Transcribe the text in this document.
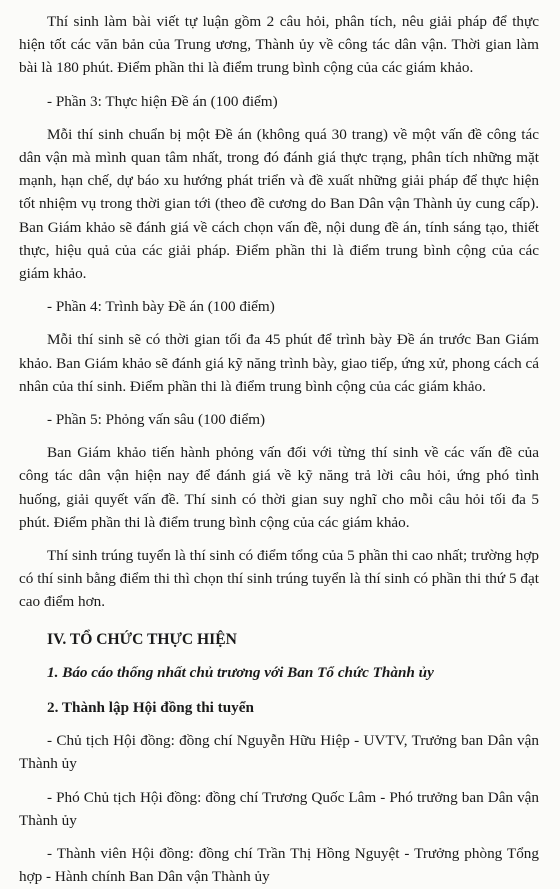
Thí sinh làm bài viết tự luận gồm 2 câu hỏi, phân tích, nêu giải pháp để thực hiện tốt các văn bản của Trung ương, Thành ủy về công tác dân vận. Thời gian làm bài là 180 phút. Điểm phần thi là điểm trung bình cộng của các giám khảo.

- Phần 3: Thực hiện Đề án (100 điểm)

Mỗi thí sinh chuẩn bị một Đề án (không quá 30 trang) về một vấn đề công tác dân vận mà mình quan tâm nhất, trong đó đánh giá thực trạng, phân tích những mặt mạnh, hạn chế, dự báo xu hướng phát triển và đề xuất những giải pháp để thực hiện tốt nhiệm vụ trong thời gian tới (theo đề cương do Ban Dân vận Thành ủy cung cấp). Ban Giám khảo sẽ đánh giá về cách chọn vấn đề, nội dung đề án, tính sáng tạo, thiết thực, hiệu quả của các giải pháp. Điểm phần thi là điểm trung bình cộng của các giám khảo.

- Phần 4: Trình bày Đề án (100 điểm)

Mỗi thí sinh sẽ có thời gian tối đa 45 phút để trình bày Đề án trước Ban Giám khảo. Ban Giám khảo sẽ đánh giá kỹ năng trình bày, giao tiếp, ứng xử, phong cách cá nhân của thí sinh. Điểm phần thi là điểm trung bình cộng của các giám khảo.

- Phần 5: Phỏng vấn sâu (100 điểm)

Ban Giám khảo tiến hành phỏng vấn đối với từng thí sinh về các vấn đề của công tác dân vận hiện nay để đánh giá về kỹ năng trả lời câu hỏi, ứng phó tình huống, giải quyết vấn đề. Thí sinh có thời gian suy nghĩ cho mỗi câu hỏi tối đa 5 phút. Điểm phần thi là điểm trung bình cộng của các giám khảo.

Thí sinh trúng tuyển là thí sinh có điểm tổng của 5 phần thi cao nhất; trường hợp có thí sinh bằng điểm thi thì chọn thí sinh trúng tuyển là thí sinh có phần thi thứ 5 đạt cao điểm hơn.

IV. TỔ CHỨC THỰC HIỆN

1. Báo cáo thống nhất chủ trương với Ban Tổ chức Thành ủy

2. Thành lập Hội đồng thi tuyển

- Chủ tịch Hội đồng: đồng chí Nguyễn Hữu Hiệp - UVTV, Trưởng ban Dân vận Thành ủy

- Phó Chủ tịch Hội đồng: đồng chí Trương Quốc Lâm - Phó trưởng ban Dân vận Thành ủy

- Thành viên Hội đồng: đồng chí Trần Thị Hồng Nguyệt - Trưởng phòng Tổng hợp - Hành chính Ban Dân vận Thành ủy
